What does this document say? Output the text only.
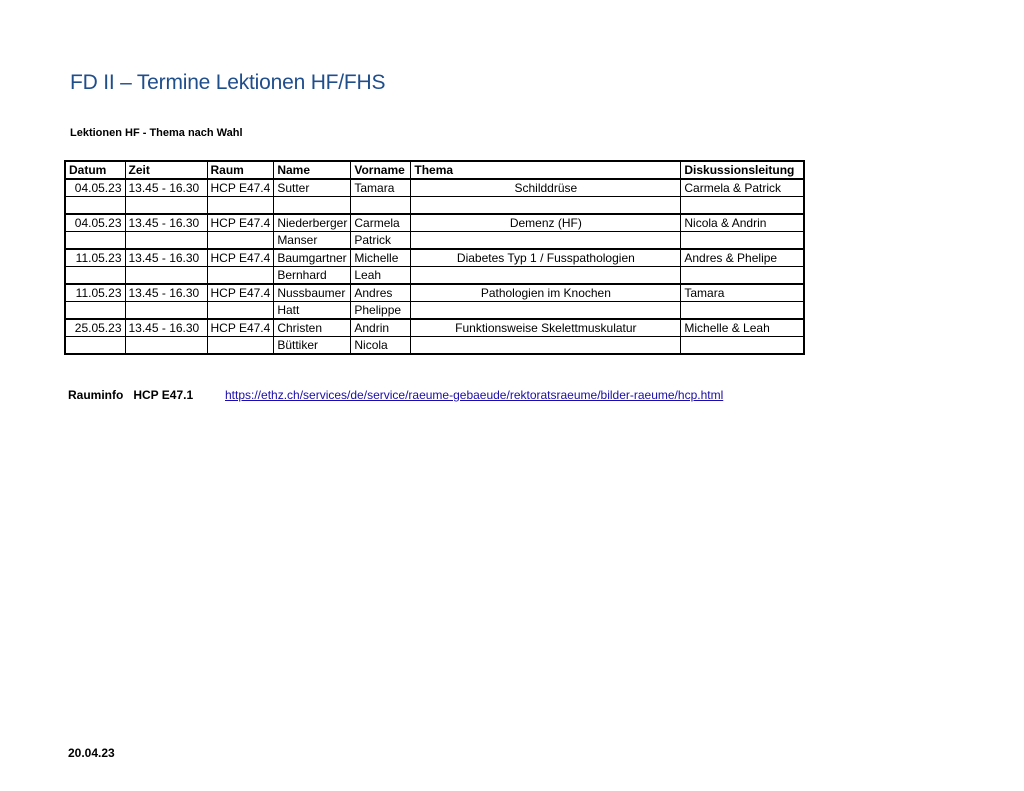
FD II – Termine Lektionen HF/FHS
Lektionen HF - Thema nach Wahl
Datum	Zeit	Raum	Name	Vorname	Thema	Diskussionsleitung
04.05.23	13.45 - 16.30	HCP E47.4	Sutter	Tamara	Schilddrüse	Carmela & Patrick

04.05.23	13.45 - 16.30	HCP E47.4	Niederberger	Carmela	Demenz (HF)	Nicola & Andrin
			Manser	Patrick		
11.05.23	13.45 - 16.30	HCP E47.4	Baumgartner	Michelle	Diabetes Typ 1 / Fusspathologien	Andres & Phelipe
			Bernhard	Leah		
11.05.23	13.45 - 16.30	HCP E47.4	Nussbaumer	Andres	Pathologien im Knochen	Tamara
			Hatt	Phelippe		
25.05.23	13.45 - 16.30	HCP E47.4	Christen	Andrin	Funktionsweise Skelettmuskulatur	Michelle & Leah
			Büttiker	Nicola		
Rauminfo   HCP E47.1	https://ethz.ch/services/de/service/raeume-gebaeude/rektoratsraeume/bilder-raeume/hcp.html
20.04.23
